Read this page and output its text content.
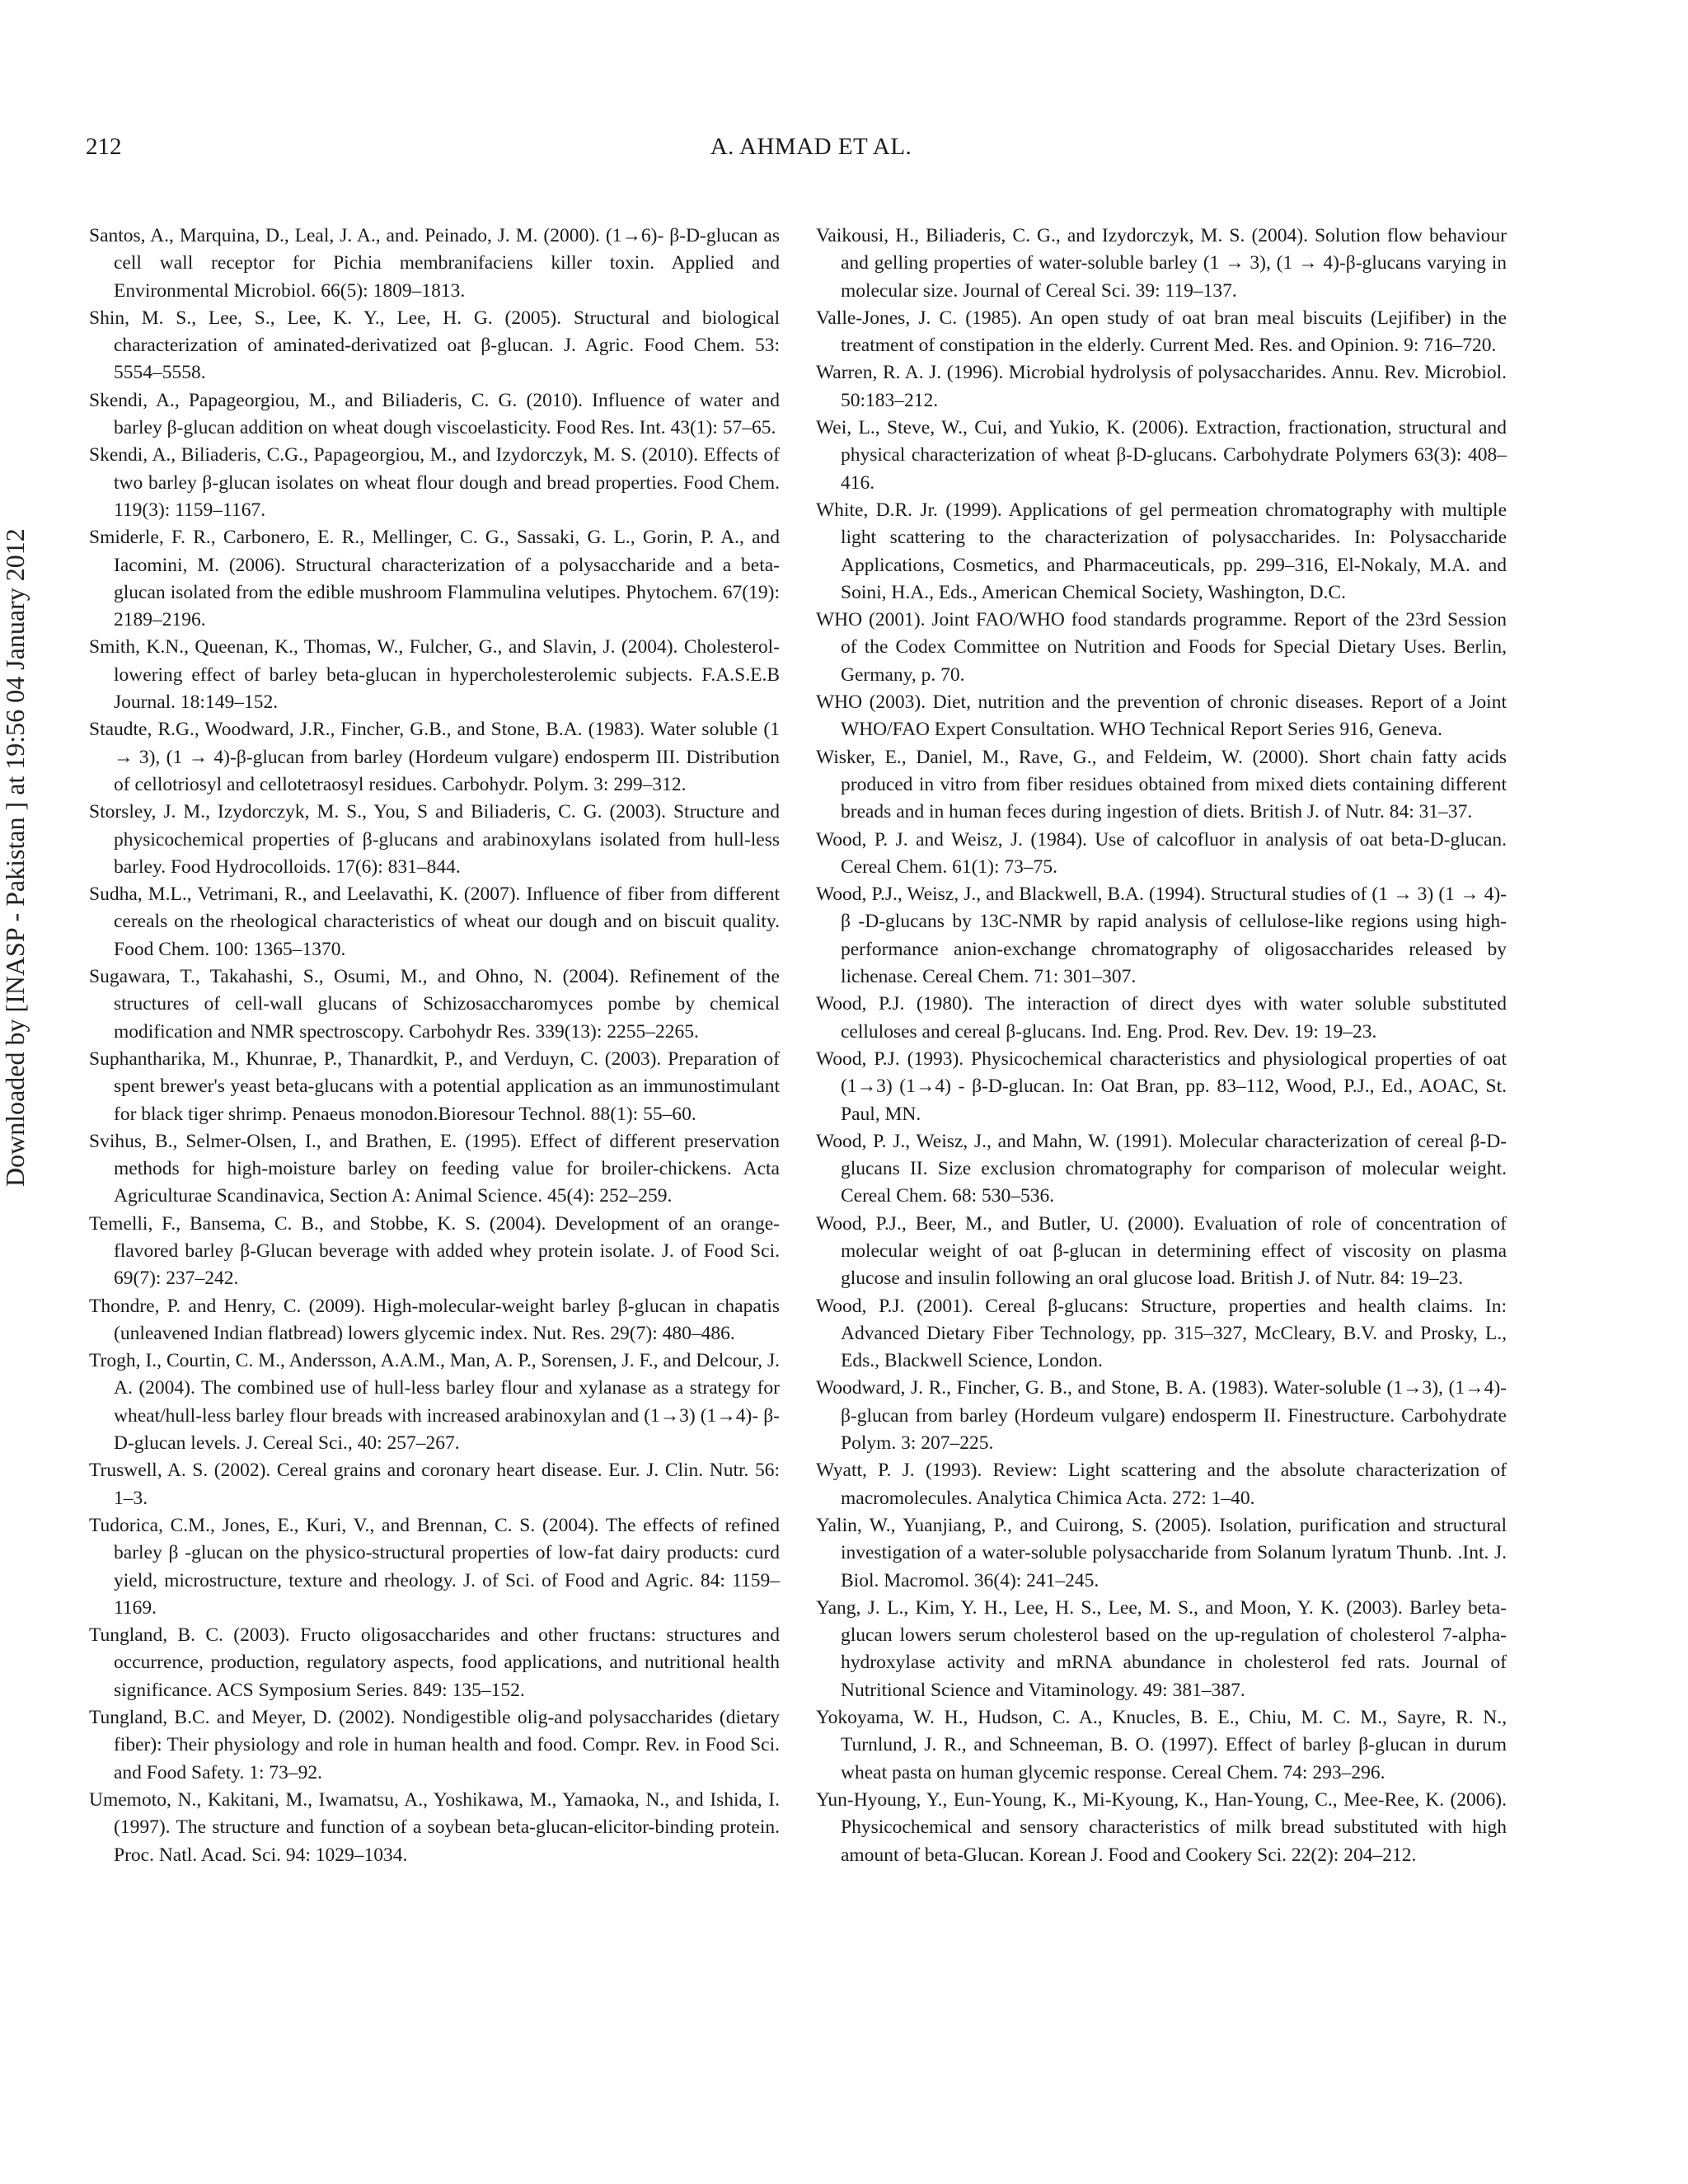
212	A. AHMAD ET AL.
Downloaded by [INASP - Pakistan ] at 19:56 04 January 2012

Santos, A., Marquina, D., Leal, J. A., and. Peinado, J. M. (2000). (1→6)- β-D-glucan as cell wall receptor for Pichia membranifaciens killer toxin. Applied and Environmental Microbiol. 66(5): 1809–1813.

Shin, M. S., Lee, S., Lee, K. Y., Lee, H. G. (2005). Structural and biological characterization of aminated-derivatized oat β-glucan. J. Agric. Food Chem. 53: 5554–5558.

Skendi, A., Papageorgiou, M., and Biliaderis, C. G. (2010). Influence of water and barley β-glucan addition on wheat dough viscoelasticity. Food Res. Int. 43(1): 57–65.

Skendi, A., Biliaderis, C.G., Papageorgiou, M., and Izydorczyk, M. S. (2010). Effects of two barley β-glucan isolates on wheat flour dough and bread properties. Food Chem. 119(3): 1159–1167.

Smiderle, F. R., Carbonero, E. R., Mellinger, C. G., Sassaki, G. L., Gorin, P. A., and Iacomini, M. (2006). Structural characterization of a polysaccharide and a beta-glucan isolated from the edible mushroom Flammulina velutipes. Phytochem. 67(19): 2189–2196.

Smith, K.N., Queenan, K., Thomas, W., Fulcher, G., and Slavin, J. (2004). Cholesterol-lowering effect of barley beta-glucan in hypercholesterolemic subjects. F.A.S.E.B Journal. 18:149–152.

Staudte, R.G., Woodward, J.R., Fincher, G.B., and Stone, B.A. (1983). Water soluble (1 → 3), (1 → 4)-β-glucan from barley (Hordeum vulgare) endosperm III. Distribution of cellotriosyl and cellotetraosyl residues. Carbohydr. Polym. 3: 299–312.

Storsley, J. M., Izydorczyk, M. S., You, S and Biliaderis, C. G. (2003). Structure and physicochemical properties of β-glucans and arabinoxylans isolated from hull-less barley. Food Hydrocolloids. 17(6): 831–844.

Sudha, M.L., Vetrimani, R., and Leelavathi, K. (2007). Influence of fiber from different cereals on the rheological characteristics of wheat our dough and on biscuit quality. Food Chem. 100: 1365–1370.

Sugawara, T., Takahashi, S., Osumi, M., and Ohno, N. (2004). Refinement of the structures of cell-wall glucans of Schizosaccharomyces pombe by chemical modification and NMR spectroscopy. Carbohydr Res. 339(13): 2255–2265.

Suphantharika, M., Khunrae, P., Thanardkit, P., and Verduyn, C. (2003). Preparation of spent brewer's yeast beta-glucans with a potential application as an immunostimulant for black tiger shrimp. Penaeus monodon.Bioresour Technol. 88(1): 55–60.

Svihus, B., Selmer-Olsen, I., and Brathen, E. (1995). Effect of different preservation methods for high-moisture barley on feeding value for broiler-chickens. Acta Agriculturae Scandinavica, Section A: Animal Science. 45(4): 252–259.

Temelli, F., Bansema, C. B., and Stobbe, K. S. (2004). Development of an orange-flavored barley β-Glucan beverage with added whey protein isolate. J. of Food Sci. 69(7): 237–242.

Thondre, P. and Henry, C. (2009). High-molecular-weight barley β-glucan in chapatis (unleavened Indian flatbread) lowers glycemic index. Nut. Res. 29(7): 480–486.

Trogh, I., Courtin, C. M., Andersson, A.A.M., Man, A. P., Sorensen, J. F., and Delcour, J. A. (2004). The combined use of hull-less barley flour and xylanase as a strategy for wheat/hull-less barley flour breads with increased arabinoxylan and (1→3) (1→4)- β-D-glucan levels. J. Cereal Sci., 40: 257–267.

Truswell, A. S. (2002). Cereal grains and coronary heart disease. Eur. J. Clin. Nutr. 56: 1–3.

Tudorica, C.M., Jones, E., Kuri, V., and Brennan, C. S. (2004). The effects of refined barley β -glucan on the physico-structural properties of low-fat dairy products: curd yield, microstructure, texture and rheology. J. of Sci. of Food and Agric. 84: 1159–1169.

Tungland, B. C. (2003). Fructo oligosaccharides and other fructans: structures and occurrence, production, regulatory aspects, food applications, and nutritional health significance. ACS Symposium Series. 849: 135–152.

Tungland, B.C. and Meyer, D. (2002). Nondigestible olig-and polysaccharides (dietary fiber): Their physiology and role in human health and food. Compr. Rev. in Food Sci. and Food Safety. 1: 73–92.

Umemoto, N., Kakitani, M., Iwamatsu, A., Yoshikawa, M., Yamaoka, N., and Ishida, I. (1997). The structure and function of a soybean beta-glucan-elicitor-binding protein. Proc. Natl. Acad. Sci. 94: 1029–1034.

Vaikousi, H., Biliaderis, C. G., and Izydorczyk, M. S. (2004). Solution flow behaviour and gelling properties of water-soluble barley (1 → 3), (1 → 4)-β-glucans varying in molecular size. Journal of Cereal Sci. 39: 119–137.

Valle-Jones, J. C. (1985). An open study of oat bran meal biscuits (Lejifiber) in the treatment of constipation in the elderly. Current Med. Res. and Opinion. 9: 716–720.

Warren, R. A. J. (1996). Microbial hydrolysis of polysaccharides. Annu. Rev. Microbiol. 50:183–212.

Wei, L., Steve, W., Cui, and Yukio, K. (2006). Extraction, fractionation, structural and physical characterization of wheat β-D-glucans. Carbohydrate Polymers 63(3): 408–416.

White, D.R. Jr. (1999). Applications of gel permeation chromatography with multiple light scattering to the characterization of polysaccharides. In: Polysaccharide Applications, Cosmetics, and Pharmaceuticals, pp. 299–316, El-Nokaly, M.A. and Soini, H.A., Eds., American Chemical Society, Washington, D.C.

WHO (2001). Joint FAO/WHO food standards programme. Report of the 23rd Session of the Codex Committee on Nutrition and Foods for Special Dietary Uses. Berlin, Germany, p. 70.

WHO (2003). Diet, nutrition and the prevention of chronic diseases. Report of a Joint WHO/FAO Expert Consultation. WHO Technical Report Series 916, Geneva.

Wisker, E., Daniel, M., Rave, G., and Feldeim, W. (2000). Short chain fatty acids produced in vitro from fiber residues obtained from mixed diets containing different breads and in human feces during ingestion of diets. British J. of Nutr. 84: 31–37.

Wood, P. J. and Weisz, J. (1984). Use of calcofluor in analysis of oat beta-D-glucan. Cereal Chem. 61(1): 73–75.

Wood, P.J., Weisz, J., and Blackwell, B.A. (1994). Structural studies of (1 → 3) (1 → 4)- β -D-glucans by 13C-NMR by rapid analysis of cellulose-like regions using high-performance anion-exchange chromatography of oligosaccharides released by lichenase. Cereal Chem. 71: 301–307.

Wood, P.J. (1980). The interaction of direct dyes with water soluble substituted celluloses and cereal β-glucans. Ind. Eng. Prod. Rev. Dev. 19: 19–23.

Wood, P.J. (1993). Physicochemical characteristics and physiological properties of oat (1→3) (1→4) - β-D-glucan. In: Oat Bran, pp. 83–112, Wood, P.J., Ed., AOAC, St. Paul, MN.

Wood, P. J., Weisz, J., and Mahn, W. (1991). Molecular characterization of cereal β-D-glucans II. Size exclusion chromatography for comparison of molecular weight. Cereal Chem. 68: 530–536.

Wood, P.J., Beer, M., and Butler, U. (2000). Evaluation of role of concentration of molecular weight of oat β-glucan in determining effect of viscosity on plasma glucose and insulin following an oral glucose load. British J. of Nutr. 84: 19–23.

Wood, P.J. (2001). Cereal β-glucans: Structure, properties and health claims. In: Advanced Dietary Fiber Technology, pp. 315–327, McCleary, B.V. and Prosky, L., Eds., Blackwell Science, London.

Woodward, J. R., Fincher, G. B., and Stone, B. A. (1983). Water-soluble (1→3), (1→4)- β-glucan from barley (Hordeum vulgare) endosperm II. Finestructure. Carbohydrate Polym. 3: 207–225.

Wyatt, P. J. (1993). Review: Light scattering and the absolute characterization of macromolecules. Analytica Chimica Acta. 272: 1–40.

Yalin, W., Yuanjiang, P., and Cuirong, S. (2005). Isolation, purification and structural investigation of a water-soluble polysaccharide from Solanum lyratum Thunb. .Int. J. Biol. Macromol. 36(4): 241–245.

Yang, J. L., Kim, Y. H., Lee, H. S., Lee, M. S., and Moon, Y. K. (2003). Barley beta-glucan lowers serum cholesterol based on the up-regulation of cholesterol 7-alpha-hydroxylase activity and mRNA abundance in cholesterol fed rats. Journal of Nutritional Science and Vitaminology. 49: 381–387.

Yokoyama, W. H., Hudson, C. A., Knucles, B. E., Chiu, M. C. M., Sayre, R. N., Turnlund, J. R., and Schneeman, B. O. (1997). Effect of barley β-glucan in durum wheat pasta on human glycemic response. Cereal Chem. 74: 293–296.

Yun-Hyoung, Y., Eun-Young, K., Mi-Kyoung, K., Han-Young, C., Mee-Ree, K. (2006). Physicochemical and sensory characteristics of milk bread substituted with high amount of beta-Glucan. Korean J. Food and Cookery Sci. 22(2): 204–212.
